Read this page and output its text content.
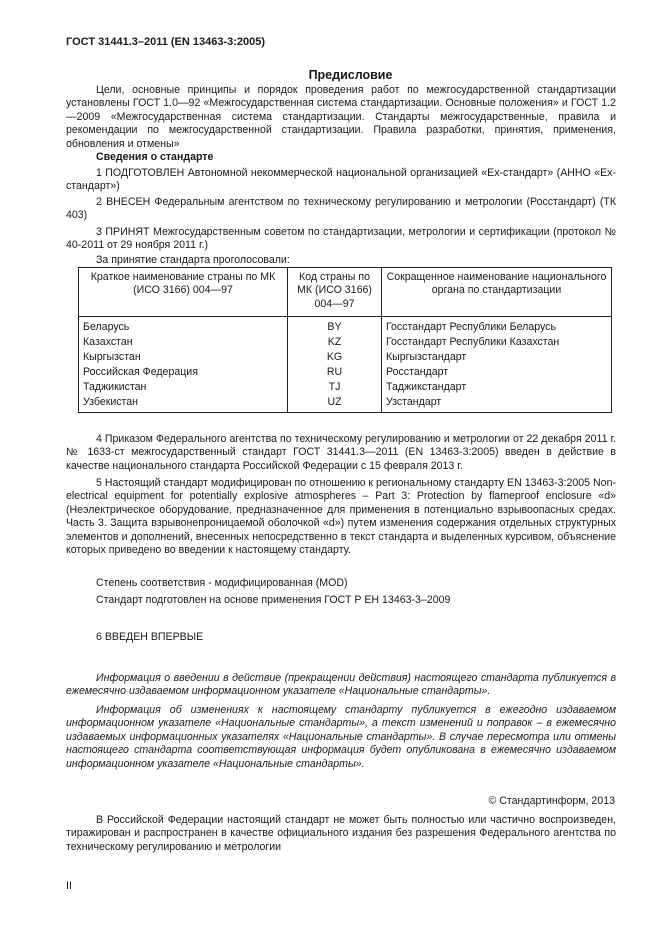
ГОСТ 31441.3–2011 (EN 13463-3:2005)
Предисловие

Цели, основные принципы и порядок проведения работ по межгосударственной стандартизации установлены ГОСТ 1.0—92 «Межгосударственная система стандартизации. Основные положения» и ГОСТ 1.2—2009 «Межгосударственная система стандартизации. Стандарты межгосударственные, правила и рекомендации по межгосударственной стандартизации. Правила разработки, принятия, применения, обновления и отмены»

Сведения о стандарте

1 ПОДГОТОВЛЕН Автономной некоммерческой национальной организацией «Ех-стандарт» (АННО «Ех-стандарт»)

2 ВНЕСЕН Федеральным агентством по техническому регулированию и метрологии (Росстандарт) (ТК 403)

3 ПРИНЯТ Межгосударственным советом по стандартизации, метрологии и сертификации (протокол № 40-2011 от 29 ноября 2011 г.)

За принятие стандарта проголосовали:

Краткое наименование страны по МК (ИСО 3166) 004—97	Код страны по МК (ИСО 3166) 004—97	Сокращенное наименование национального органа по стандартизации
Беларусь	BY	Госстандарт Республики Беларусь
Казахстан	KZ	Госстандарт Республики Казахстан
Кыргызстан	KG	Кыргызстандарт
Российская Федерация	RU	Росстандарт
Таджикистан	TJ	Таджикстандарт
Узбекистан	UZ	Узстандарт

4 Приказом Федерального агентства по техническому регулированию и метрологии от 22 декабря 2011 г. № 1633-ст межгосударственный стандарт ГОСТ 31441.3—2011 (EN 13463-3:2005) введен в действие в качестве национального стандарта Российской Федерации с 15 февраля 2013 г.

5 Настоящий стандарт модифицирован по отношению к региональному стандарту EN 13463-3:2005 Non-electrical equipment for potentially explosive atmospheres – Part 3: Protection by flameproof enclosure «d» (Неэлектрическое оборудование, предназначенное для применения в потенциально взрывоопасных средах. Часть 3. Защита взрывонепроницаемой оболочкой «d») путем изменения содержания отдельных структурных элементов и дополнений, внесенных непосредственно в текст стандарта и выделенных курсивом, объяснение которых приведено во введении к настоящему стандарту.

Степень соответствия - модифицированная (MOD)

Стандарт подготовлен на основе применения ГОСТ Р ЕН 13463-3–2009

6 ВВЕДЕН ВПЕРВЫЕ

Информация о введении в действие (прекращении действия) настоящего стандарта публикуется в ежемесячно издаваемом информационном указателе «Национальные стандарты».

Информация об изменениях к настоящему стандарту публикуется в ежегодно издаваемом информационном указателе «Национальные стандарты», а текст изменений и поправок – в ежемесячно издаваемых информационных указателях «Национальные стандарты». В случае пересмотра или отмены настоящего стандарта соответствующая информация будет опубликована в ежемесячно издаваемом информационном указателе «Национальные стандарты».

© Стандартинформ, 2013

В Российской Федерации настоящий стандарт не может быть полностью или частично воспроизведен, тиражирован и распространен в качестве официального издания без разрешения Федерального агентства по техническому регулированию и метрологии

II
